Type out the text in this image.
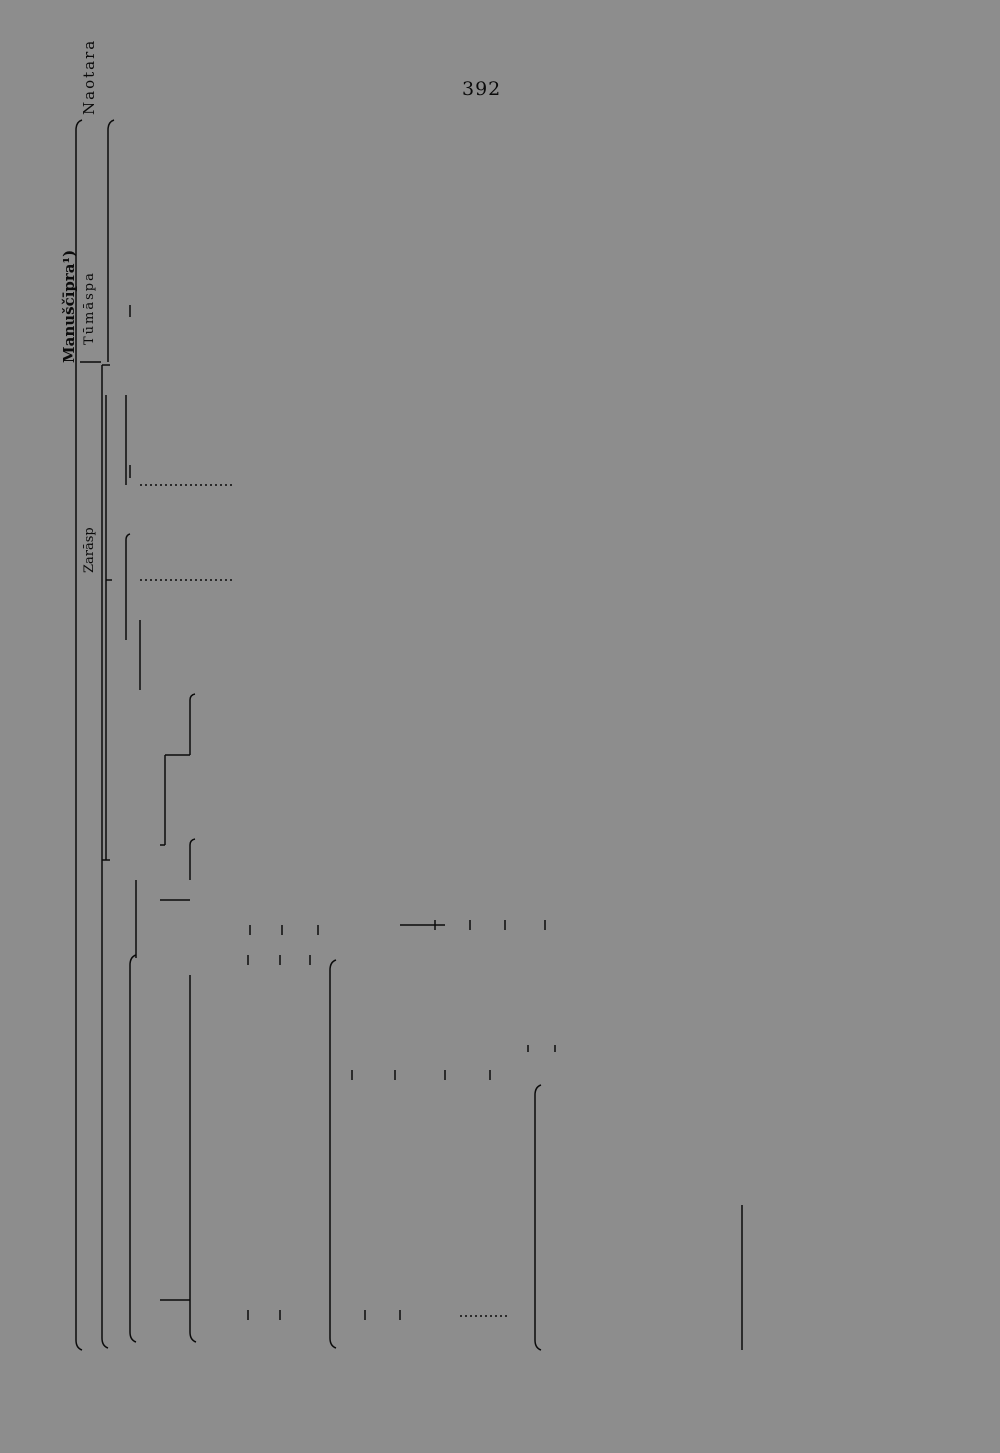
392
Manuščīpra¹)
Naotara
Zarāsp
Tūmāspa
